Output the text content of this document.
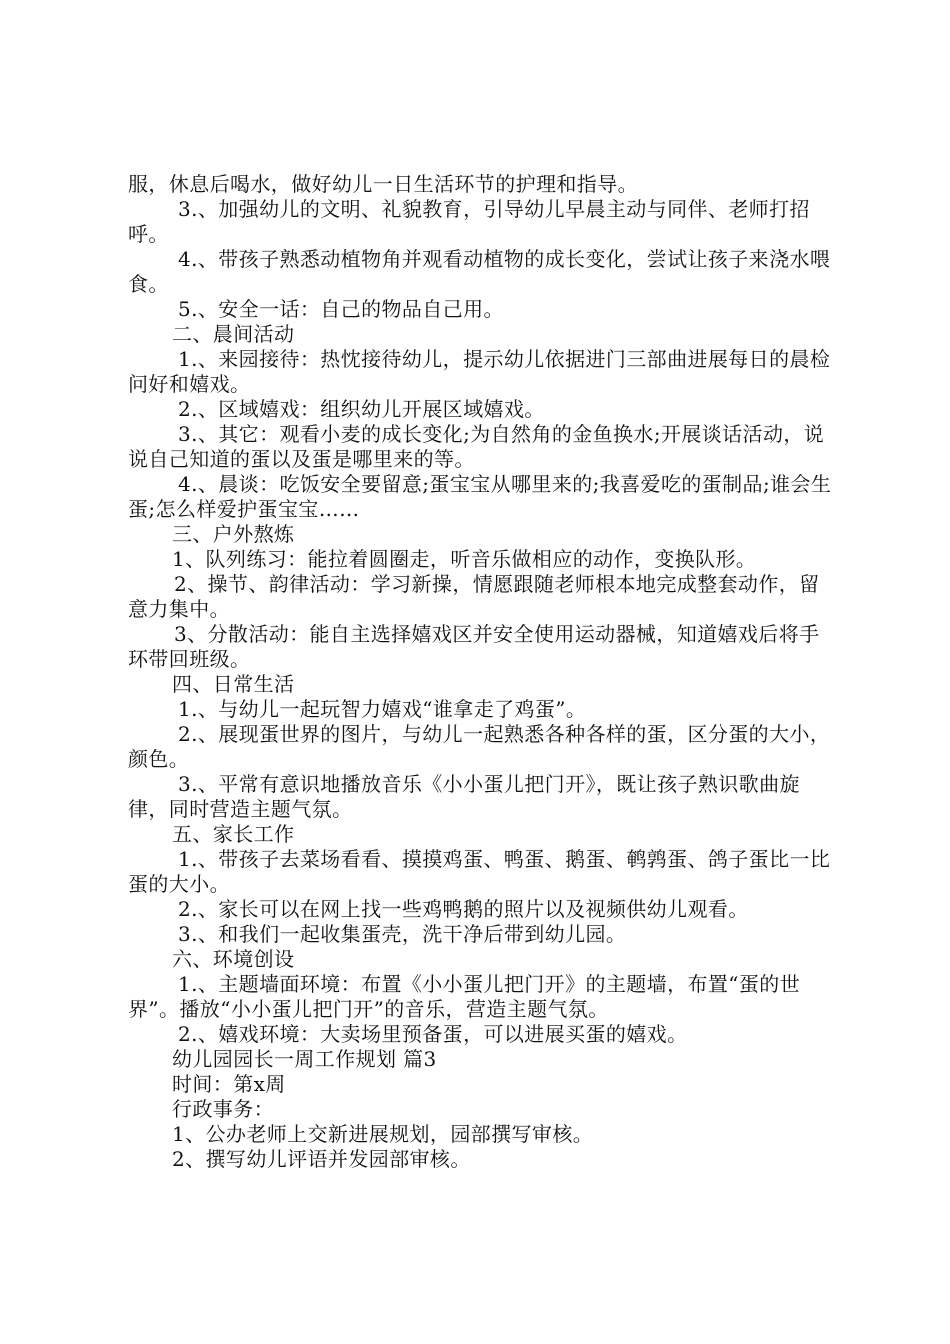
服，休息后喝水，做好幼儿一日生活环节的护理和指导。

3.、加强幼儿的文明、礼貌教育，引导幼儿早晨主动与同伴、老师打招呼。

4.、带孩子熟悉动植物角并观看动植物的成长变化，尝试让孩子来浇水喂食。

5.、安全一话：自己的物品自己用。

二、晨间活动

1.、来园接待：热忱接待幼儿，提示幼儿依据进门三部曲进展每日的晨检问好和嬉戏。

2.、区域嬉戏：组织幼儿开展区域嬉戏。

3.、其它：观看小麦的成长变化;为自然角的金鱼换水;开展谈话活动，说说自己知道的蛋以及蛋是哪里来的等。

4.、晨谈：吃饭安全要留意;蛋宝宝从哪里来的;我喜爱吃的蛋制品;谁会生蛋;怎么样爱护蛋宝宝……

三、户外熬炼

1、队列练习：能拉着圆圈走，听音乐做相应的动作，变换队形。

2、操节、韵律活动：学习新操，情愿跟随老师根本地完成整套动作，留意力集中。

3、分散活动：能自主选择嬉戏区并安全使用运动器械，知道嬉戏后将手环带回班级。

四、日常生活

1.、与幼儿一起玩智力嬉戏“谁拿走了鸡蛋”。

2.、展现蛋世界的图片，与幼儿一起熟悉各种各样的蛋，区分蛋的大小，颜色。

3.、平常有意识地播放音乐《小小蛋儿把门开》，既让孩子熟识歌曲旋律，同时营造主题气氛。

五、家长工作

1.、带孩子去菜场看看、摸摸鸡蛋、鸭蛋、鹅蛋、鹌鹑蛋、鸽子蛋比一比蛋的大小。

2.、家长可以在网上找一些鸡鸭鹅的照片以及视频供幼儿观看。

3.、和我们一起收集蛋壳，洗干净后带到幼儿园。

六、环境创设

1.、主题墙面环境：布置《小小蛋儿把门开》的主题墙，布置“蛋的世界”。播放“小小蛋儿把门开”的音乐，营造主题气氛。

2.、嬉戏环境：大卖场里预备蛋，可以进展买蛋的嬉戏。

幼儿园园长一周工作规划 篇3

时间：第x周

行政事务：

1、公办老师上交新进展规划，园部撰写审核。

2、撰写幼儿评语并发园部审核。
